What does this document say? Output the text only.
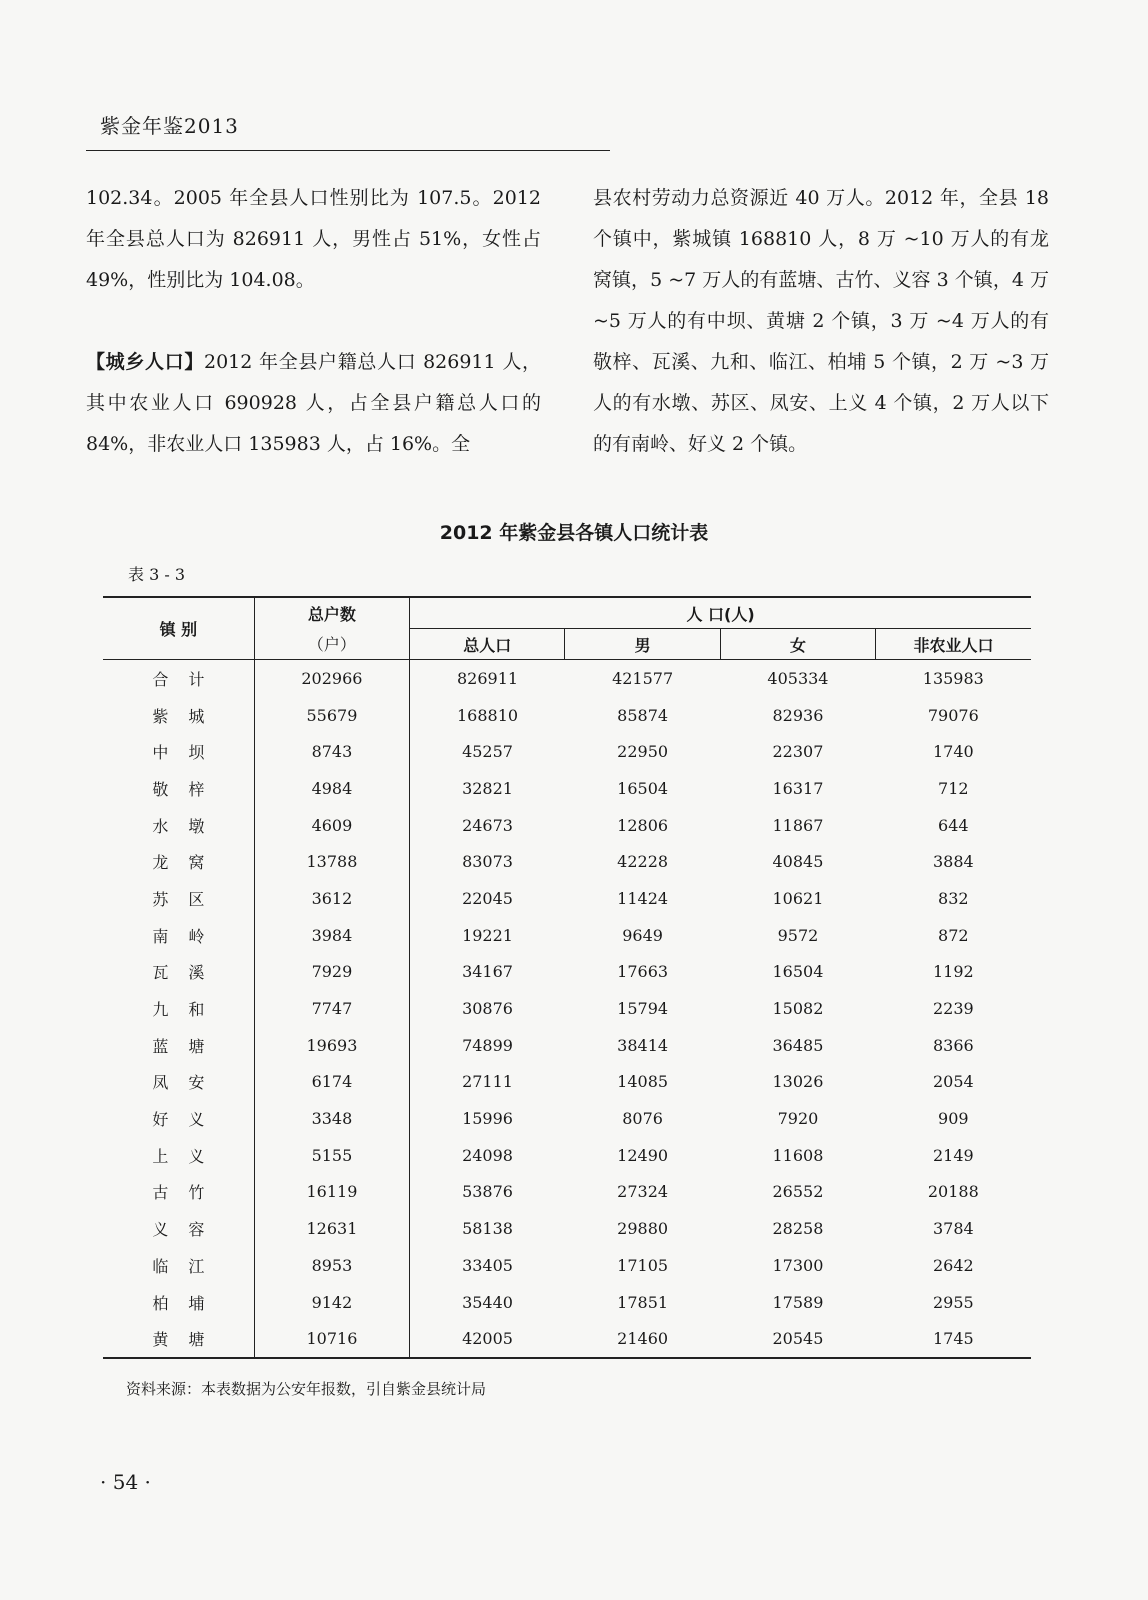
紫金年鉴2013

102.34。2005 年全县人口性别比为 107.5。2012 年全县总人口为 826911 人，男性占 51%，女性占 49%，性别比为 104.08。

【城乡人口】2012 年全县户籍总人口 826911 人，其中农业人口 690928 人，占全县户籍总人口的 84%，非农业人口 135983 人，占 16%。全

县农村劳动力总资源近 40 万人。2012 年，全县 18 个镇中，紫城镇 168810 人，8 万 ~10 万人的有龙窝镇，5 ~7 万人的有蓝塘、古竹、义容 3 个镇，4 万 ~5 万人的有中坝、黄塘 2 个镇，3 万 ~4 万人的有敬梓、瓦溪、九和、临江、柏埔 5 个镇，2 万 ~3 万人的有水墩、苏区、凤安、上义 4 个镇，2 万人以下的有南岭、好义 2 个镇。

2012 年紫金县各镇人口统计表
表 3 - 3
镇 别	总户数	人 口(人)			
	（户）	总人口	男	女	非农业人口
合计	202966	826911	421577	405334	135983
紫城	55679	168810	85874	82936	79076
中坝	8743	45257	22950	22307	1740
敬梓	4984	32821	16504	16317	712
水墩	4609	24673	12806	11867	644
龙窝	13788	83073	42228	40845	3884
苏区	3612	22045	11424	10621	832
南岭	3984	19221	9649	9572	872
瓦溪	7929	34167	17663	16504	1192
九和	7747	30876	15794	15082	2239
蓝塘	19693	74899	38414	36485	8366
凤安	6174	27111	14085	13026	2054
好义	3348	15996	8076	7920	909
上义	5155	24098	12490	11608	2149
古竹	16119	53876	27324	26552	20188
义容	12631	58138	29880	28258	3784
临江	8953	33405	17105	17300	2642
柏埔	9142	35440	17851	17589	2955
黄塘	10716	42005	21460	20545	1745
资料来源：本表数据为公安年报数，引自紫金县统计局
· 54 ·
